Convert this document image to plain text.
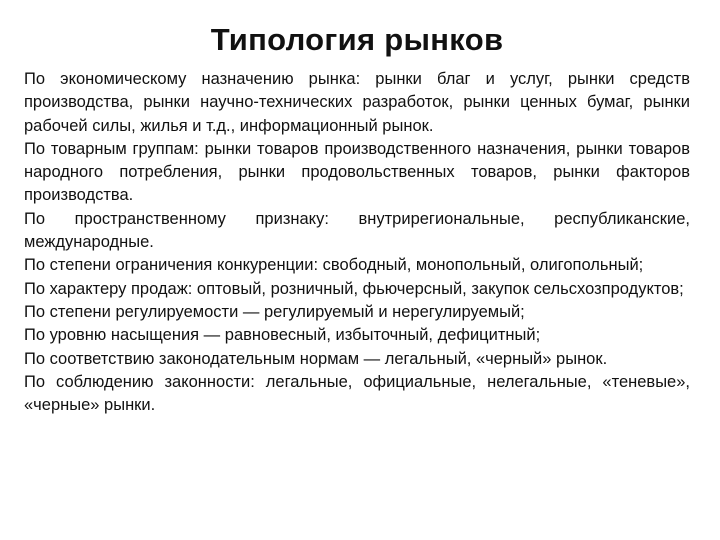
Типология рынков

По экономическому назначению рынка: рынки благ и услуг, рынки средств производства, рынки научно-технических разработок, рынки ценных бумаг, рынки рабочей силы, жилья и т.д., информационный рынок.

По товарным группам: рынки товаров производственного назначения, рынки товаров народного потребления, рынки продовольственных товаров, рынки факторов производства.

По пространственному признаку: внутрирегиональные, республиканские, международные.

По степени ограничения конкуренции: свободный, монопольный, олигопольный;

По характеру продаж: оптовый, розничный, фьючерсный, закупок сельсхозпродуктов;

По степени регулируемости — регулируемый и нерегулируемый;

По уровню насыщения — равновесный, избыточный, дефицитный;

По соответствию законодательным нормам — легальный, «черный» рынок.

По соблюдению законности: легальные, официальные, нелегальные, «теневые», «черные» рынки.
